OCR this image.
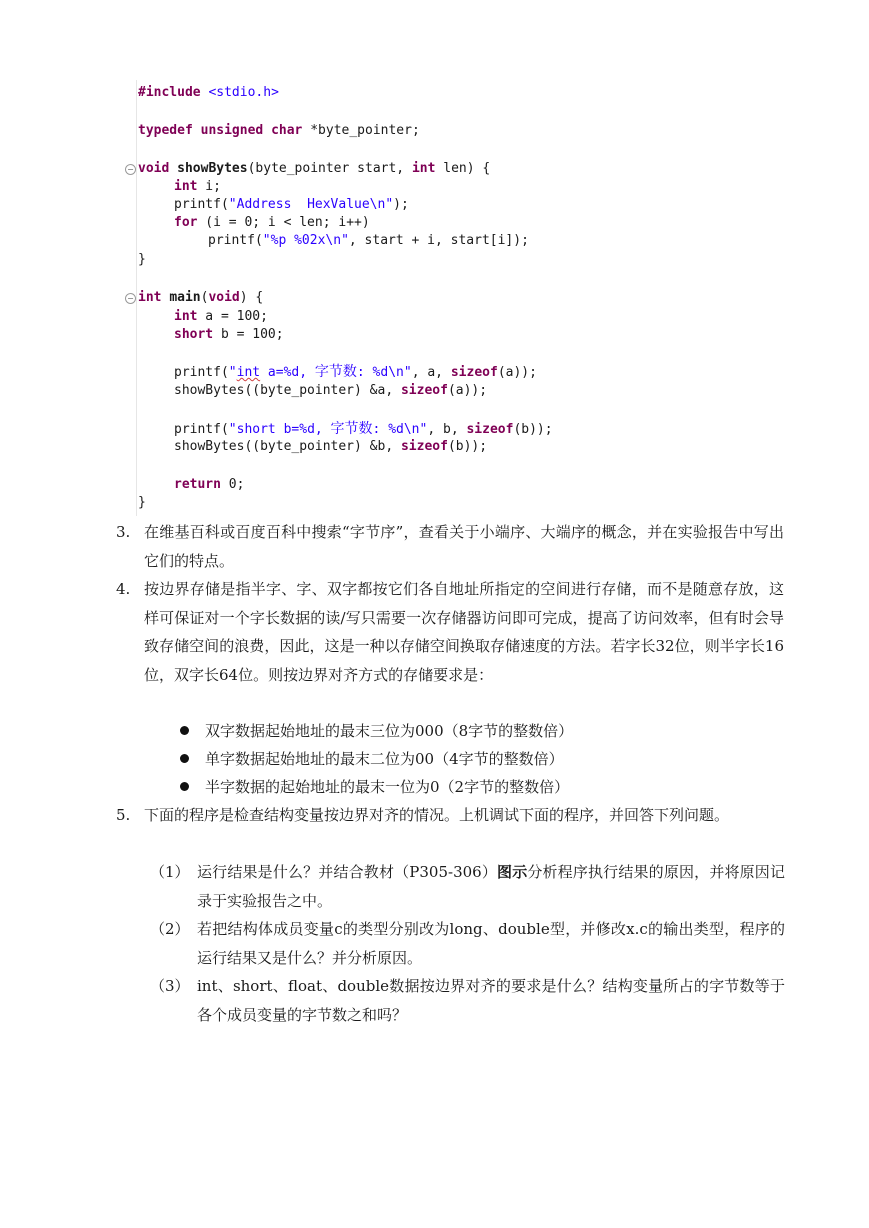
#include <stdio.h>
typedef unsigned char *byte_pointer;
− void showBytes(byte_pointer start, int len) {
int i;
printf("Address  HexValue\n");
for (i = 0; i < len; i++)
printf("%p %02x\n", start + i, start[i]);
}
− int main(void) {
int a = 100;
short b = 100;
printf("int a=%d, 字节数: %d\n", a, sizeof(a));
showBytes((byte_pointer) &a, sizeof(a));
printf("short b=%d, 字节数: %d\n", b, sizeof(b));
showBytes((byte_pointer) &b, sizeof(b));
return 0;
}
3. 在维基百科或百度百科中搜索“字节序”，查看关于小端序、大端序的概念，并在实验报告中写出它们的特点。
4. 按边界存储是指半字、字、双字都按它们各自地址所指定的空间进行存储，而不是随意存放，这样可保证对一个字长数据的读/写只需要一次存储器访问即可完成，提高了访问效率，但有时会导致存储空间的浪费，因此，这是一种以存储空间换取存储速度的方法。若字长32位，则半字长16位，双字长64位。则按边界对齐方式的存储要求是：
双字数据起始地址的最末三位为000（8字节的整数倍）
单字数据起始地址的最末二位为00（4字节的整数倍）
半字数据的起始地址的最末一位为0（2字节的整数倍）
5. 下面的程序是检查结构变量按边界对齐的情况。上机调试下面的程序，并回答下列问题。
（1） 运行结果是什么？并结合教材（P305-306）图示分析程序执行结果的原因，并将原因记录于实验报告之中。
（2） 若把结构体成员变量c的类型分别改为long、double型，并修改x.c的输出类型，程序的运行结果又是什么？并分析原因。
（3） int、short、float、double数据按边界对齐的要求是什么？结构变量所占的字节数等于各个成员变量的字节数之和吗？
